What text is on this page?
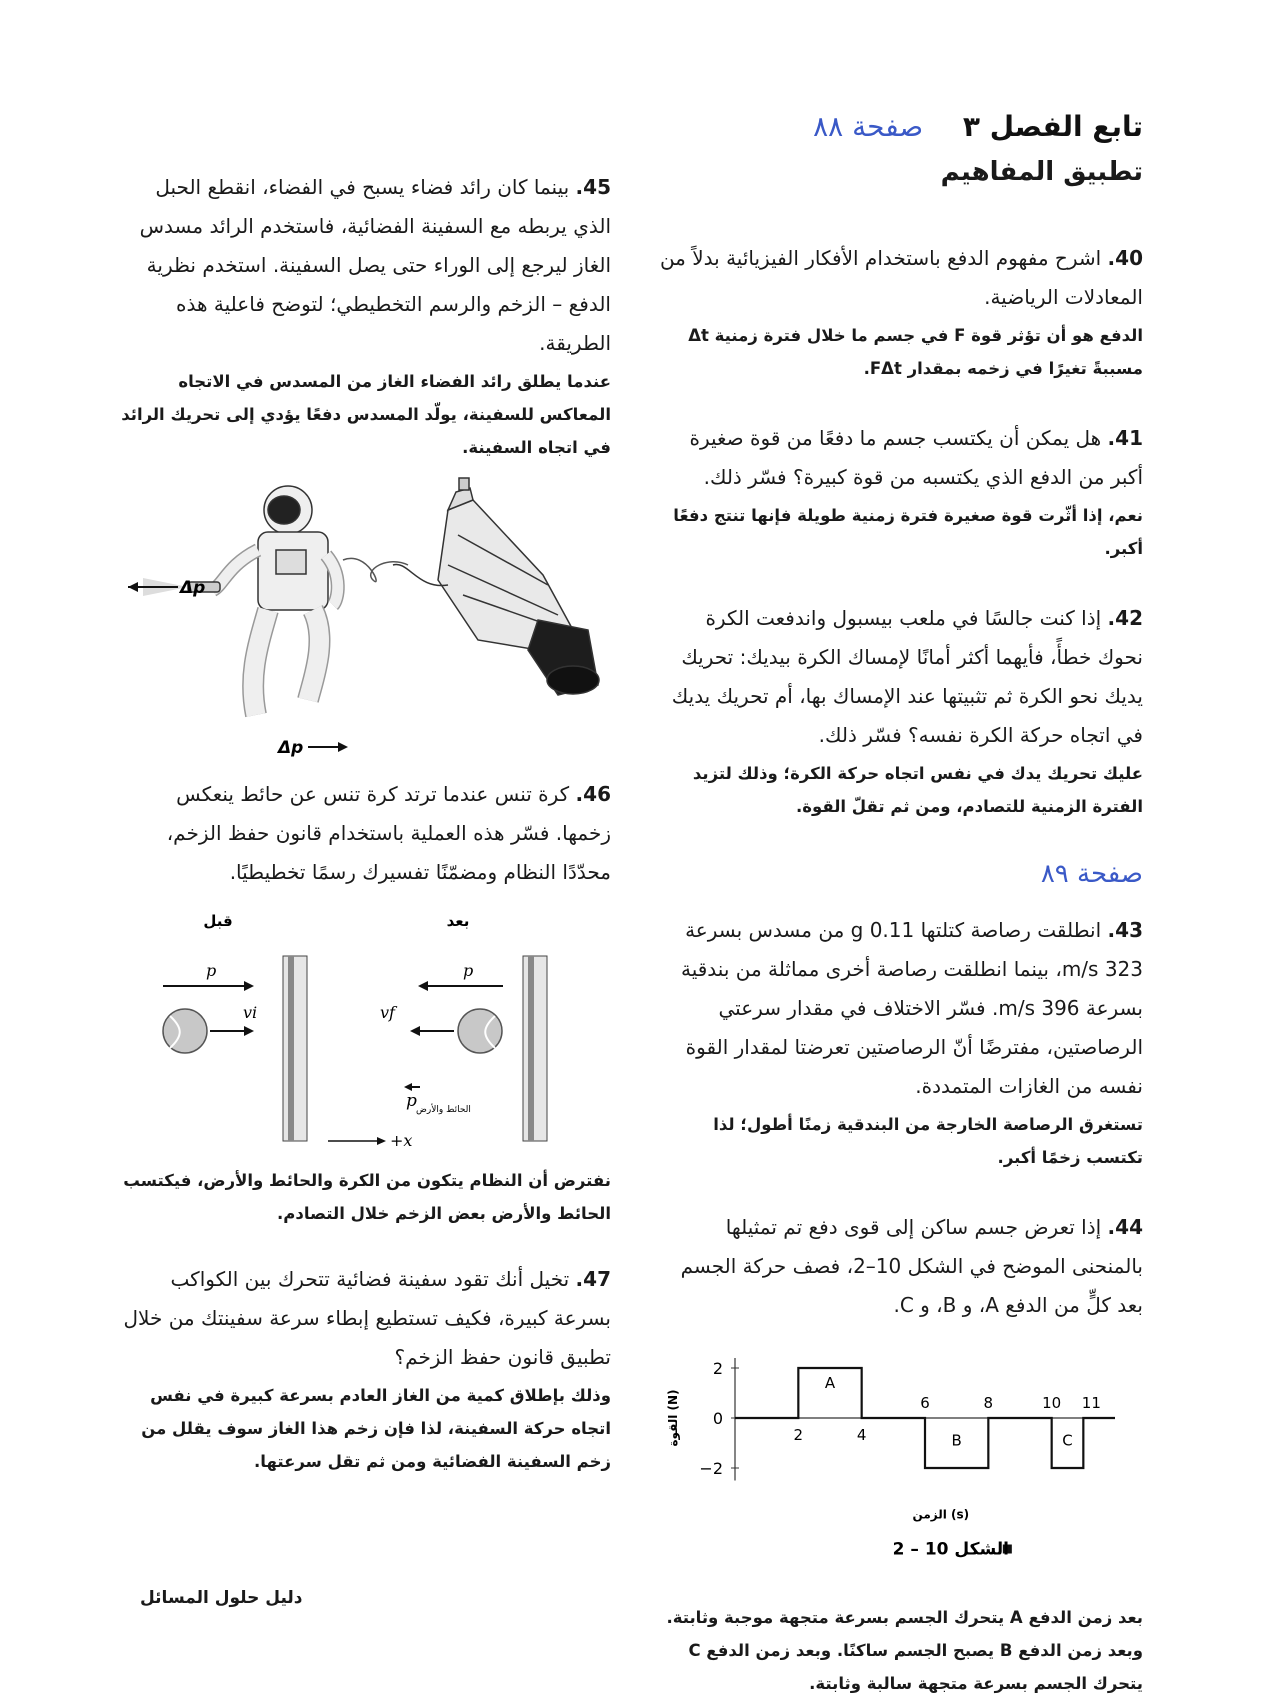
تابع الفصل ٣ صفحة ٨٨
تطبيق المفاهيم

40. اشرح مفهوم الدفع باستخدام الأفكار الفيزيائية بدلاً من المعادلات الرياضية.

الدفع هو أن تؤثر قوة F في جسم ما خلال فترة زمنية Δt مسببةً تغيرًا في زخمه بمقدار FΔt.

41. هل يمكن أن يكتسب جسم ما دفعًا من قوة صغيرة أكبر من الدفع الذي يكتسبه من قوة كبيرة؟ فسّر ذلك.

نعم، إذا أثّرت قوة صغيرة فترة زمنية طويلة فإنها تنتج دفعًا أكبر.

42. إذا كنت جالسًا في ملعب بيسبول واندفعت الكرة نحوك خطأً، فأيهما أكثر أمانًا لإمساك الكرة بيديك: تحريك يديك نحو الكرة ثم تثبيتها عند الإمساك بها، أم تحريك يديك في اتجاه حركة الكرة نفسه؟ فسّر ذلك.

عليك تحريك يدك في نفس اتجاه حركة الكرة؛ وذلك لتزيد الفترة الزمنية للتصادم، ومن ثم تقلّ القوة.

صفحة ٨٩

43. انطلقت رصاصة كتلتها 0.11 g من مسدس بسرعة 323 m/s، بينما انطلقت رصاصة أخرى مماثلة من بندقية بسرعة 396 m/s. فسّر الاختلاف في مقدار سرعتي الرصاصتين، مفترضًا أنّ الرصاصتين تعرضتا لمقدار القوة نفسه من الغازات المتمددة.

تستغرق الرصاصة الخارجة من البندقية زمنًا أطول؛ لذا تكتسب زخمًا أكبر.

44. إذا تعرض جسم ساكن إلى قوى دفع تم تمثيلها بالمنحنى الموضح في الشكل 10–2، فصف حركة الجسم بعد كلٍّ من الدفع A، و B، و C.

2
0
−2
2	4
6	8	10 11
A
B	C
القوة (N)
الزمن (s)
الشكل 10 – 2

بعد زمن الدفع A يتحرك الجسم بسرعة متجهة موجبة وثابتة. وبعد زمن الدفع B يصبح الجسم ساكنًا. وبعد زمن الدفع C يتحرك الجسم بسرعة متجهة سالبة وثابتة.

45. بينما كان رائد فضاء يسبح في الفضاء، انقطع الحبل الذي يربطه مع السفينة الفضائية، فاستخدم الرائد مسدس الغاز ليرجع إلى الوراء حتى يصل السفينة. استخدم نظرية الدفع – الزخم والرسم التخطيطي؛ لتوضح فاعلية هذه الطريقة.

عندما يطلق رائد الفضاء الغاز من المسدس في الاتجاه المعاكس للسفينة، يولّد المسدس دفعًا يؤدي إلى تحريك الرائد في اتجاه السفينة.

Δp
Δp

46. كرة تنس عندما ترتد كرة تنس عن حائط ينعكس زخمها. فسّر هذه العملية باستخدام قانون حفظ الزخم، محدّدًا النظام ومضمّنًا تفسيرك رسمًا تخطيطيًا.

قبل	بعد
p
vi
p
vf
p الحائط والأرض
+x

نفترض أن النظام يتكون من الكرة والحائط والأرض، فيكتسب الحائط والأرض بعض الزخم خلال التصادم.

47. تخيل أنك تقود سفينة فضائية تتحرك بين الكواكب بسرعة كبيرة، فكيف تستطيع إبطاء سرعة سفينتك من خلال تطبيق قانون حفظ الزخم؟

وذلك بإطلاق كمية من الغاز العادم بسرعة كبيرة في نفس اتجاه حركة السفينة، لذا فإن زخم هذا الغاز سوف يقلل من زخم السفينة الفضائية ومن ثم تقل سرعتها.

دليل حلول المسائل
